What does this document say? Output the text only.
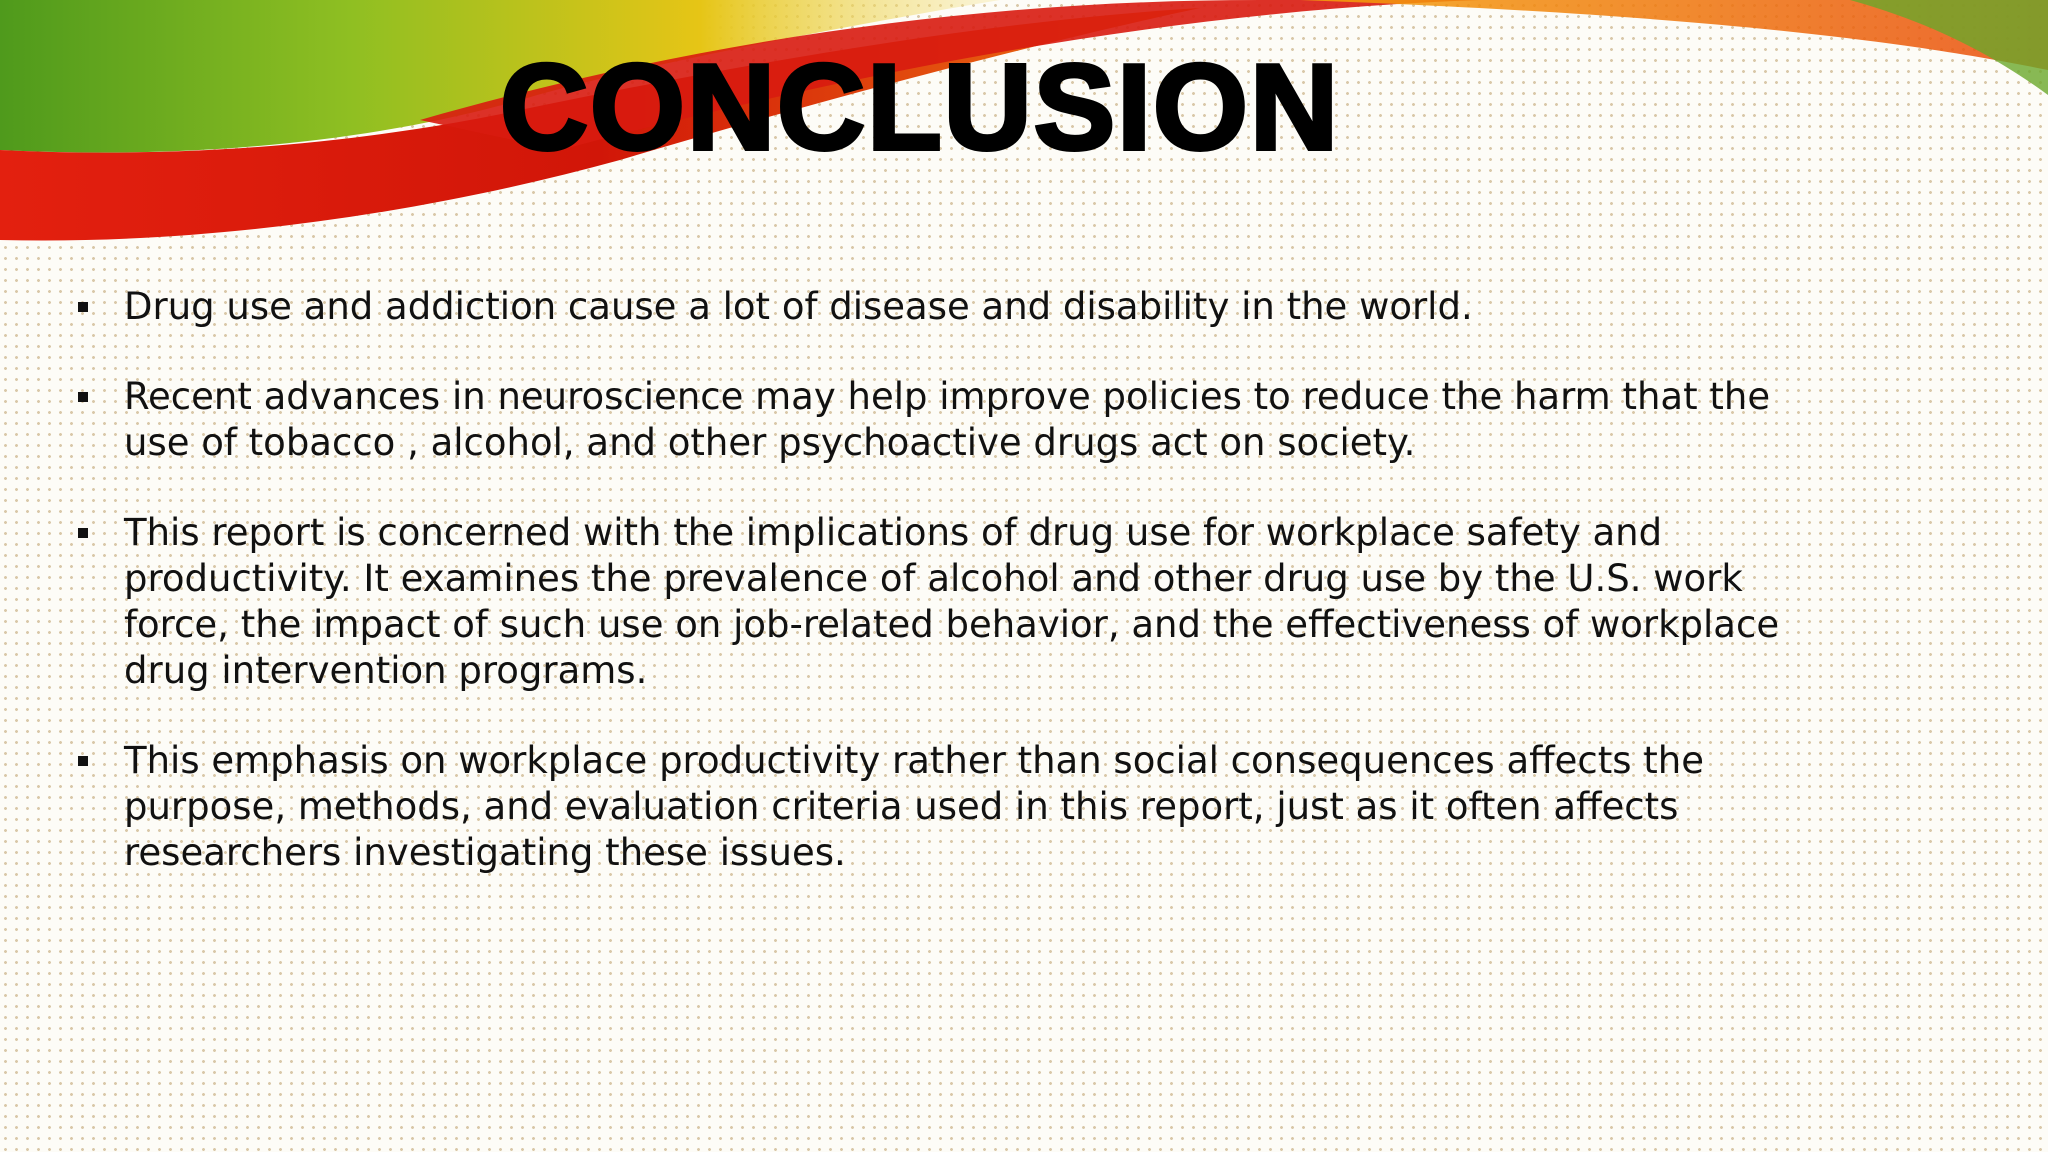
CONCLUSION
Drug use and addiction cause a lot of disease and disability in the world.
Recent advances in neuroscience may help improve policies to reduce the harm that the use of tobacco , alcohol, and other psychoactive drugs act on society.
This report is concerned with the implications of drug use for workplace safety and productivity. It examines the prevalence of alcohol and other drug use by the U.S. work force, the impact of such use on job-related behavior, and the effectiveness of workplace drug intervention programs.
This emphasis on workplace productivity rather than social consequences affects the purpose, methods, and evaluation criteria used in this report, just as it often affects researchers investigating these issues.
